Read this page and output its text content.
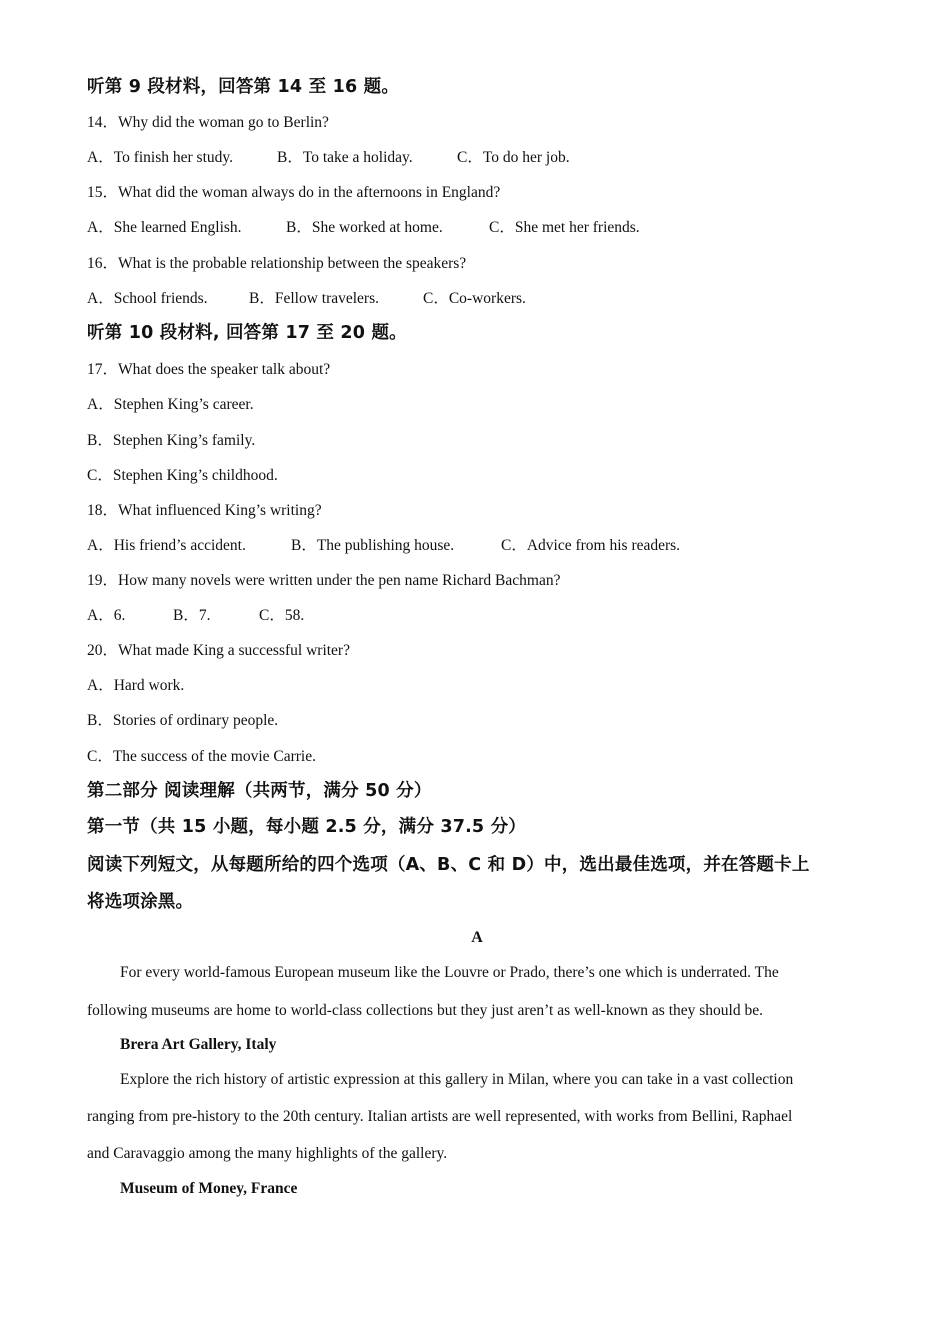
听第 9 段材料，回答第 14 至 16 题。
14．Why did the woman go to Berlin?
A．To finish her study.	B．To take a holiday.	C．To do her job.
15．What did the woman always do in the afternoons in England?
A．She learned English.	B．She worked at home.	C．She met her friends.
16．What is the probable relationship between the speakers?
A．School friends.	B．Fellow travelers.	C．Co-workers.
听第 10 段材料, 回答第 17 至 20 题。
17．What does the speaker talk about?
A．Stephen King’s career.
B．Stephen King’s family.
C．Stephen King’s childhood.
18．What influenced King’s writing?
A．His friend’s accident.	B．The publishing house.	C．Advice from his readers.
19．How many novels were written under the pen name Richard Bachman?
A．6.	B．7.	C．58.
20．What made King a successful writer?
A．Hard work.
B．Stories of ordinary people.
C．The success of the movie Carrie.
第二部分 阅读理解（共两节，满分 50 分）
第一节（共 15 小题，每小题 2.5 分，满分 37.5 分）
阅读下列短文，从每题所给的四个选项（A、B、C 和 D）中，选出最佳选项，并在答题卡上
将选项涂黑。
A
For every world-famous European museum like the Louvre or Prado, there’s one which is underrated. The
following museums are home to world-class collections but they just aren’t as well-known as they should be.
Brera Art Gallery, Italy
Explore the rich history of artistic expression at this gallery in Milan, where you can take in a vast collection
ranging from pre-history to the 20th century. Italian artists are well represented, with works from Bellini, Raphael
and Caravaggio among the many highlights of the gallery.
Museum of Money, France
